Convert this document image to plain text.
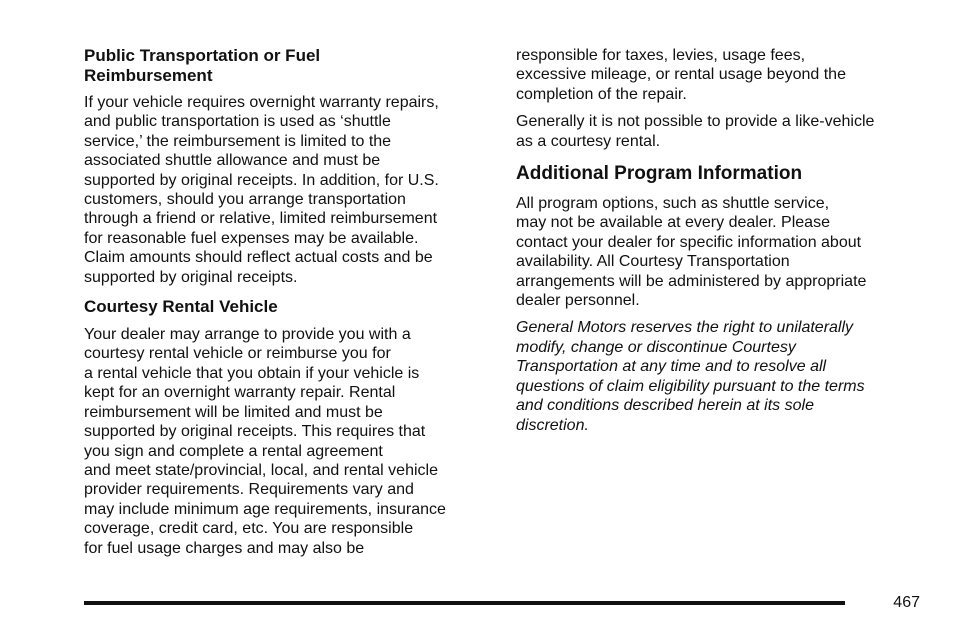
Public Transportation or Fuel
Reimbursement

If your vehicle requires overnight warranty repairs,
and public transportation is used as ‘shuttle
service,’ the reimbursement is limited to the
associated shuttle allowance and must be
supported by original receipts. In addition, for U.S.
customers, should you arrange transportation
through a friend or relative, limited reimbursement
for reasonable fuel expenses may be available.
Claim amounts should reflect actual costs and be
supported by original receipts.

Courtesy Rental Vehicle

Your dealer may arrange to provide you with a
courtesy rental vehicle or reimburse you for
a rental vehicle that you obtain if your vehicle is
kept for an overnight warranty repair. Rental
reimbursement will be limited and must be
supported by original receipts. This requires that
you sign and complete a rental agreement
and meet state/provincial, local, and rental vehicle
provider requirements. Requirements vary and
may include minimum age requirements, insurance
coverage, credit card, etc. You are responsible
for fuel usage charges and may also be

responsible for taxes, levies, usage fees,
excessive mileage, or rental usage beyond the
completion of the repair.

Generally it is not possible to provide a like-vehicle
as a courtesy rental.

Additional Program Information

All program options, such as shuttle service,
may not be available at every dealer. Please
contact your dealer for specific information about
availability. All Courtesy Transportation
arrangements will be administered by appropriate
dealer personnel.

General Motors reserves the right to unilaterally
modify, change or discontinue Courtesy
Transportation at any time and to resolve all
questions of claim eligibility pursuant to the terms
and conditions described herein at its sole
discretion.

467
